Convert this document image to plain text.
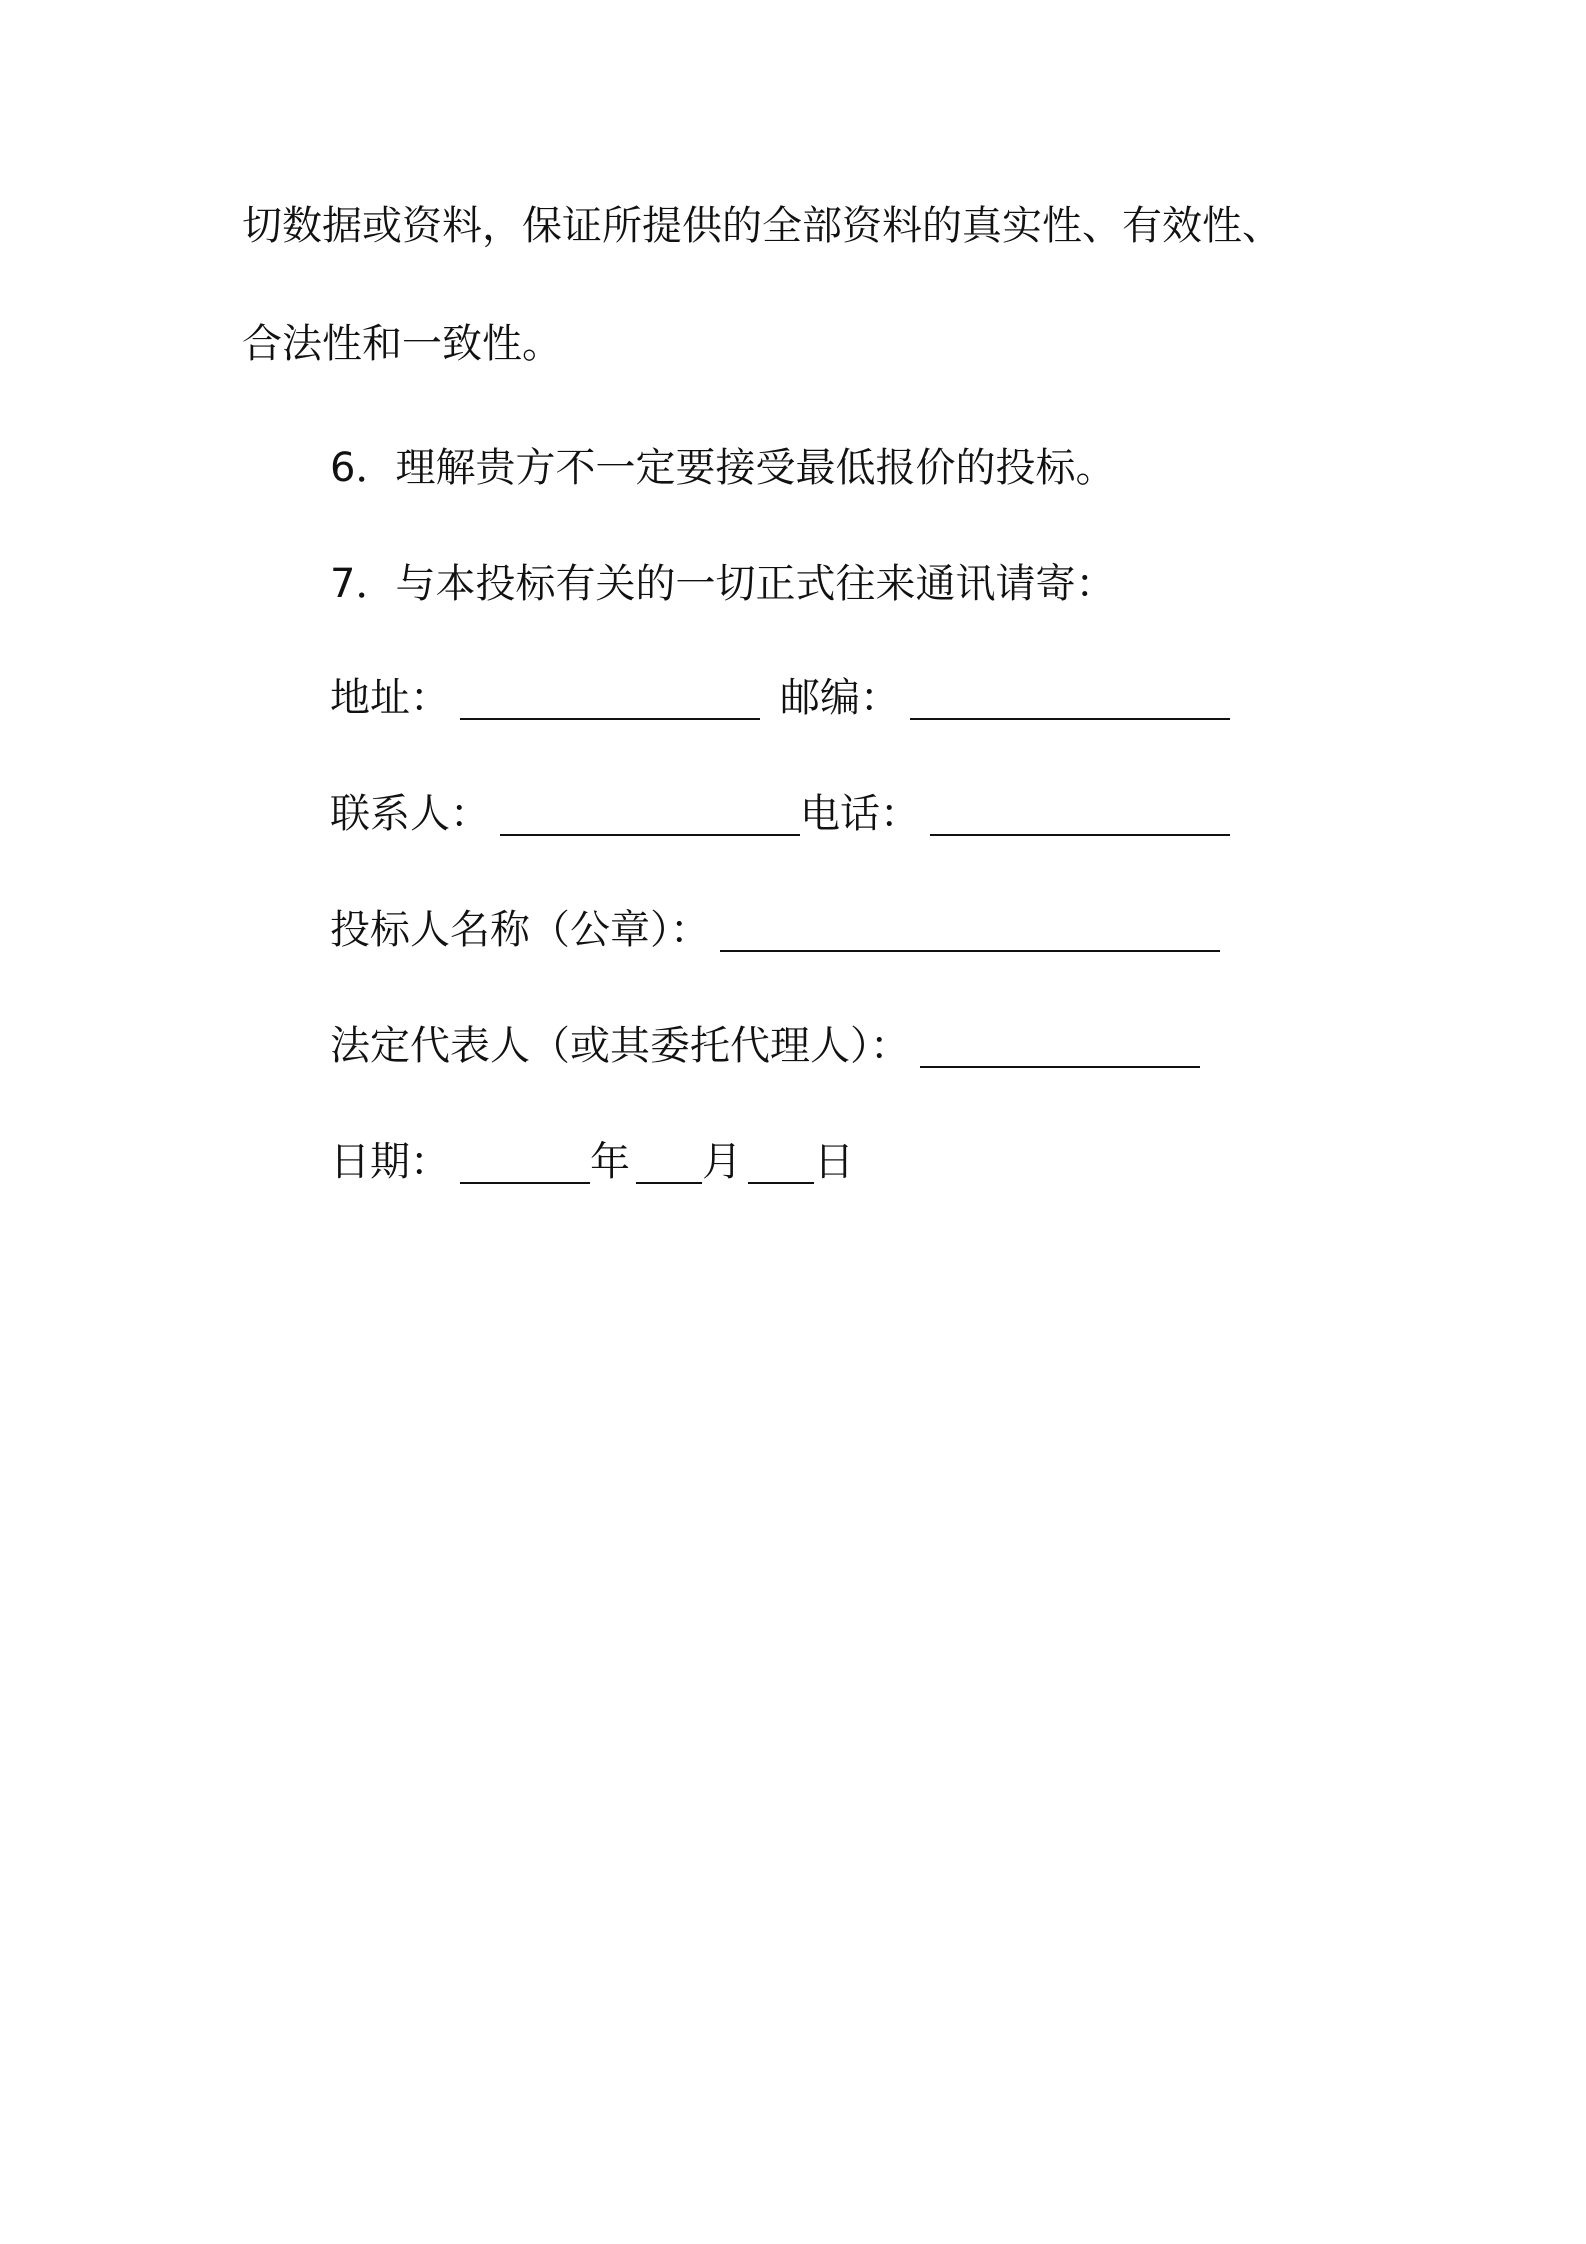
切数据或资料，保证所提供的全部资料的真实性、有效性、
合法性和一致性。
6．理解贵方不一定要接受最低报价的投标。
7．与本投标有关的一切正式往来通讯请寄：
地址：	邮编：
联系人：	电话：
投标人名称（公章）：
法定代表人（或其委托代理人）：
日期：	年 月 日
